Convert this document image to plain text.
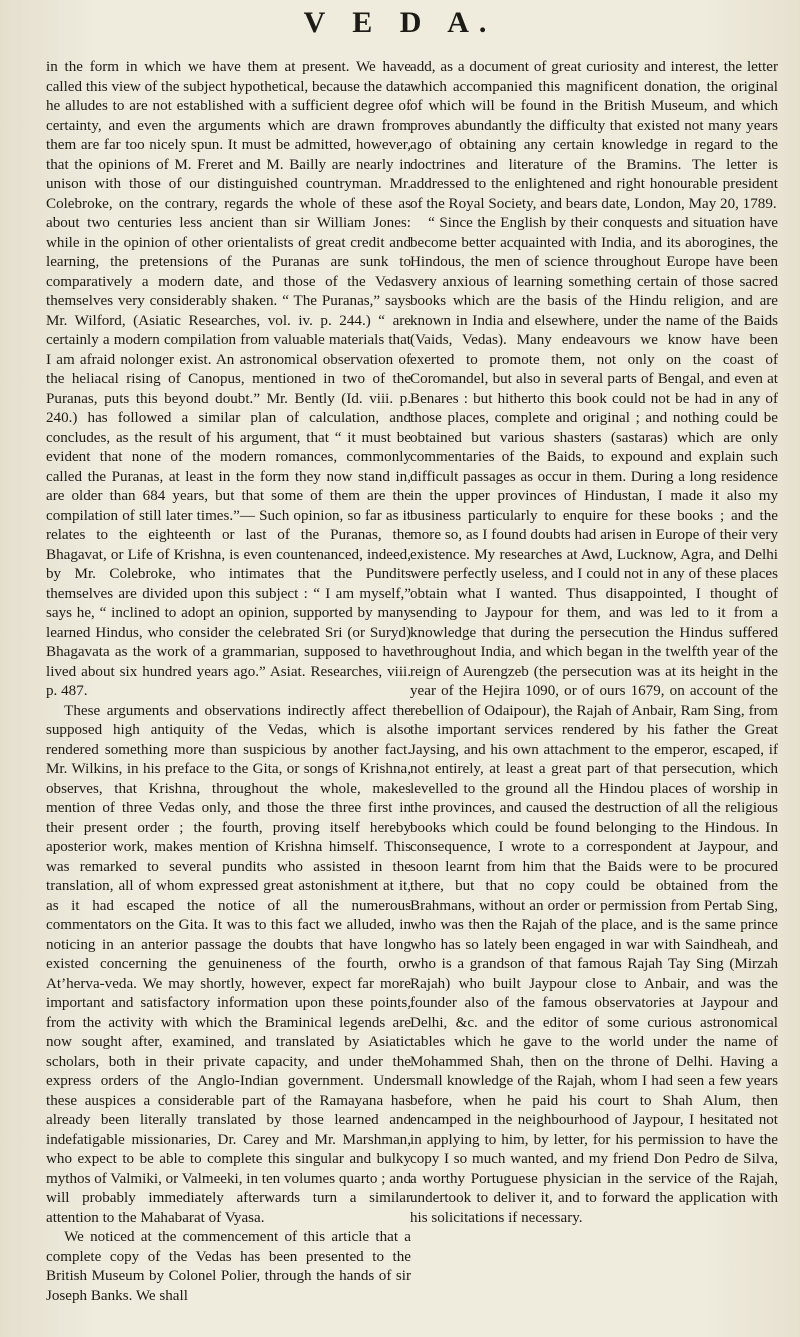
V E D A.

in the form in which we have them at present. We have called this view of the subject hypothetical, because the data he alludes to are not established with a sufficient degree of certainty, and even the arguments which are drawn from them are far too nicely spun. It must be admitted, however, that the opinions of M. Freret and M. Bailly are nearly in unison with those of our distinguished countryman. Mr. Colebroke, on the contrary, regards the whole of these as about two centuries less ancient than sir William Jones: while in the opinion of other orientalists of great credit and learning, the pretensions of the Puranas are sunk to comparatively a modern date, and those of the Vedas themselves very considerably shaken. “ The Puranas,” says Mr. Wilford, (Asiatic Researches, vol. iv. p. 244.) “ are certainly a modern compilation from valuable materials that I am afraid nolonger exist. An astronomical observation of the heliacal rising of Canopus, mentioned in two of the Puranas, puts this beyond doubt.” Mr. Bently (Id. viii. p. 240.) has followed a similar plan of calculation, and concludes, as the result of his argument, that “ it must be evident that none of the modern romances, commonly called the Puranas, at least in the form they now stand in, are older than 684 years, but that some of them are the compilation of still later times.”— Such opinion, so far as it relates to the eighteenth or last of the Puranas, the Bhagavat, or Life of Krishna, is even countenanced, indeed, by Mr. Colebroke, who intimates that the Pundits themselves are divided upon this subject : “ I am myself,” says he, “ inclined to adopt an opinion, supported by many learned Hindus, who consider the celebrated Sri (or Suryd) Bhagavata as the work of a grammarian, supposed to have lived about six hundred years ago.” Asiat. Researches, viii. p. 487.

These arguments and observations indirectly affect the supposed high antiquity of the Vedas, which is also rendered something more than suspicious by another fact. Mr. Wilkins, in his preface to the Gita, or songs of Krishna, observes, that Krishna, throughout the whole, makes mention of three Vedas only, and those the three first in their present order ; the fourth, proving itself hereby aposterior work, makes mention of Krishna himself. This was remarked to several pundits who assisted in the translation, all of whom expressed great astonishment at it, as it had escaped the notice of all the numerous commentators on the Gita. It was to this fact we alluded, in noticing in an anterior passage the doubts that have long existed concerning the genuineness of the fourth, or At’herva-veda. We may shortly, however, expect far more important and satisfactory information upon these points, from the activity with which the Braminical legends are now sought after, examined, and translated by Asiatic scholars, both in their private capacity, and under the express orders of the Anglo-Indian government. Under these auspices a considerable part of the Ramayana has already been literally translated by those learned and indefatigable missionaries, Dr. Carey and Mr. Marshman, who expect to be able to complete this singular and bulky mythos of Valmiki, or Valmeeki, in ten volumes quarto ; and will probably immediately afterwards turn a similar attention to the Mahabarat of Vyasa.

We noticed at the commencement of this article that a complete copy of the Vedas has been presented to the British Museum by Colonel Polier, through the hands of sir Joseph Banks. We shall

add, as a document of great curiosity and interest, the letter which accompanied this magnificent donation, the original of which will be found in the British Museum, and which proves abundantly the difficulty that existed not many years ago of obtaining any certain knowledge in regard to the doctrines and literature of the Bramins. The letter is addressed to the enlightened and right honourable president of the Royal Society, and bears date, London, May 20, 1789.

“ Since the English by their conquests and situation have become better acquainted with India, and its aborogines, the Hindous, the men of science throughout Europe have been very anxious of learning something certain of those sacred books which are the basis of the Hindu religion, and are known in India and elsewhere, under the name of the Baids (Vaids, Vedas). Many endeavours we know have been exerted to promote them, not only on the coast of Coromandel, but also in several parts of Bengal, and even at Benares : but hitherto this book could not be had in any of those places, complete and original ; and nothing could be obtained but various shasters (sastaras) which are only commentaries of the Baids, to expound and explain such difficult passages as occur in them. During a long residence in the upper provinces of Hindustan, I made it also my business particularly to enquire for these books ; and the more so, as I found doubts had arisen in Europe of their very existence. My researches at Awd, Lucknow, Agra, and Delhi were perfectly useless, and I could not in any of these places obtain what I wanted. Thus disappointed, I thought of sending to Jaypour for them, and was led to it from a knowledge that during the persecution the Hindus suffered throughout India, and which began in the twelfth year of the reign of Aurengzeb (the persecution was at its height in the year of the Hejira 1090, or of ours 1679, on account of the rebellion of Odaipour), the Rajah of Anbair, Ram Sing, from the important services rendered by his father the Great Jaysing, and his own attachment to the emperor, escaped, if not entirely, at least a great part of that persecution, which levelled to the ground all the Hindou places of worship in the provinces, and caused the destruction of all the religious books which could be found belonging to the Hindous. In consequence, I wrote to a correspondent at Jaypour, and soon learnt from him that the Baids were to be procured there, but that no copy could be obtained from the Brahmans, without an order or permission from Pertab Sing, who was then the Rajah of the place, and is the same prince who has so lately been engaged in war with Saindheah, and who is a grandson of that famous Rajah Tay Sing (Mirzah Rajah) who built Jaypour close to Anbair, and was the founder also of the famous observatories at Jaypour and Delhi, &c. and the editor of some curious astronomical tables which he gave to the world under the name of Mohammed Shah, then on the throne of Delhi. Having a small knowledge of the Rajah, whom I had seen a few years before, when he paid his court to Shah Alum, then encamped in the neighbourhood of Jaypour, I hesitated not in applying to him, by letter, for his permission to have the copy I so much wanted, and my friend Don Pedro de Silva, a worthy Portuguese physician in the service of the Rajah, undertook to deliver it, and to forward the application with his solicitations if necessary.
